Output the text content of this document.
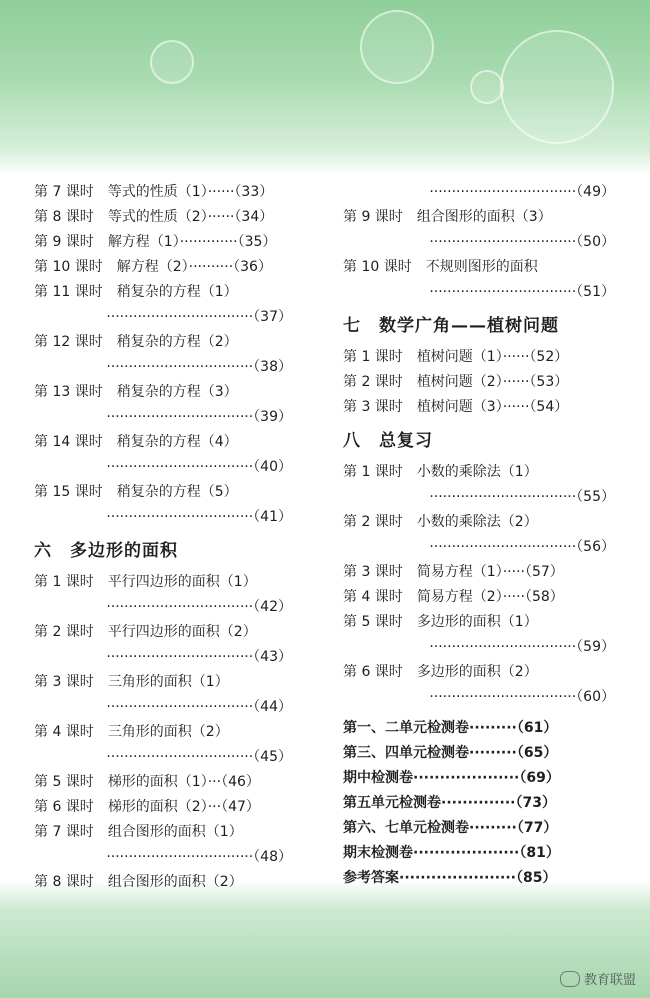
第 7 课时　 等式的性质（1）······（33）
第 8 课时　 等式的性质（2）······（34）
第 9 课时　 解方程（1）·············（35）
第 10 课时　 解方程（2）··········（36）
第 11 课时　 稍复杂的方程（1）
·································（37）
第 12 课时　 稍复杂的方程（2）
·································（38）
第 13 课时　 稍复杂的方程（3）
·································（39）
第 14 课时　 稍复杂的方程（4）
·································（40）
第 15 课时　 稍复杂的方程（5）
·································（41）
六　多边形的面积
第 1 课时　 平行四边形的面积（1）
·································（42）
第 2 课时　 平行四边形的面积（2）
·································（43）
第 3 课时　 三角形的面积（1）
·································（44）
第 4 课时　 三角形的面积（2）
·································（45）
第 5 课时　 梯形的面积（1）···（46）
第 6 课时　 梯形的面积（2）···（47）
第 7 课时　 组合图形的面积（1）
·································（48）
第 8 课时　 组合图形的面积（2）
·································（49）
第 9 课时　 组合图形的面积（3）
·································（50）
第 10 课时　 不规则图形的面积
·································（51）
七　数学广角——植树问题
第 1 课时　 植树问题（1）······（52）
第 2 课时　 植树问题（2）······（53）
第 3 课时　 植树问题（3）······（54）
八　总复习
第 1 课时　 小数的乘除法（1）
·································（55）
第 2 课时　 小数的乘除法（2）
·································（56）
第 3 课时　 简易方程（1）·····（57）
第 4 课时　 简易方程（2）·····（58）
第 5 课时　 多边形的面积（1）
·································（59）
第 6 课时　 多边形的面积（2）
·································（60）
第一、二单元检测卷·········（61）
第三、四单元检测卷·········（65）
期中检测卷····················（69）
第五单元检测卷··············（73）
第六、七单元检测卷·········（77）
期末检测卷····················（81）
参考答案······················（85）
教育联盟
